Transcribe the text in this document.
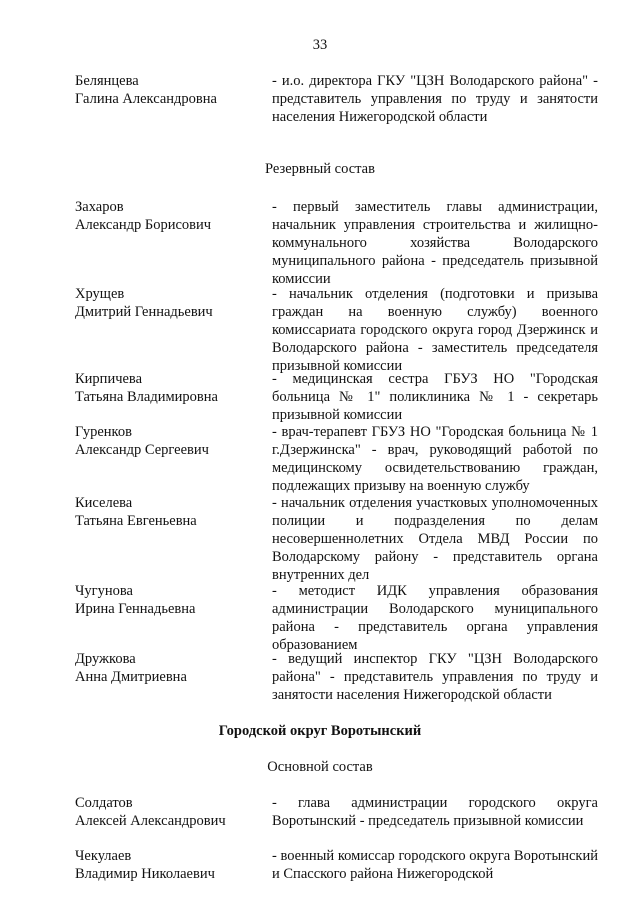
33
Белянцева
Галина Александровна
- и.о. директора ГКУ "ЦЗН Володарского района" - представитель управления по труду и занятости населения Нижегородской области
Резервный состав
Захаров
Александр Борисович
- первый заместитель главы администрации, начальник управления строительства и жилищно-коммунального хозяйства Володарского муниципального района - председатель призывной комиссии
Хрущев
Дмитрий Геннадьевич
- начальник отделения (подготовки и призыва граждан на военную службу) военного комиссариата городского округа город Дзержинск и Володарского района - заместитель председателя призывной комиссии
Кирпичева
Татьяна Владимировна
- медицинская сестра ГБУЗ НО "Городская больница № 1" поликлиника № 1 - секретарь призывной комиссии
Гуренков
Александр Сергеевич
- врач-терапевт ГБУЗ НО "Городская больница № 1 г.Дзержинска" - врач, руководящий работой по медицинскому освидетельствованию граждан, подлежащих призыву на военную службу
Киселева
Татьяна Евгеньевна
- начальник отделения участковых уполномоченных полиции и подразделения по делам несовершеннолетних Отдела МВД России по Володарскому району - представитель органа внутренних дел
Чугунова
Ирина Геннадьевна
- методист ИДК управления образования администрации Володарского муниципального района - представитель органа управления образованием
Дружкова
Анна Дмитриевна
- ведущий инспектор ГКУ "ЦЗН Володарского района" - представитель управления по труду и занятости населения Нижегородской области
Городской округ Воротынский
Основной состав
Солдатов
Алексей Александрович
- глава администрации городского округа Воротынский - председатель призывной комиссии
Чекулаев
Владимир Николаевич
- военный комиссар городского округа Воротынский и Спасского района Нижегородской
